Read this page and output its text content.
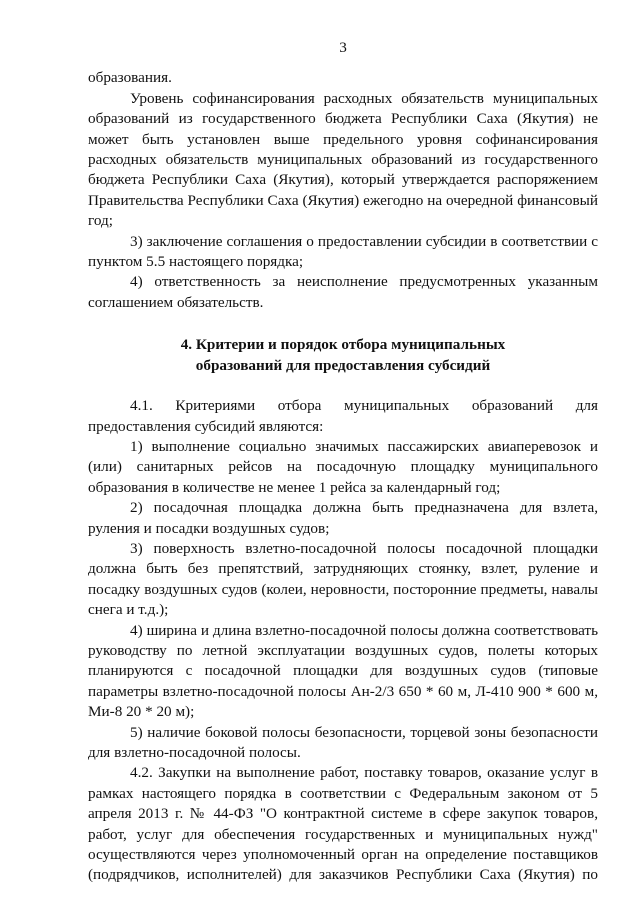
3

образования.

Уровень софинансирования расходных обязательств муниципальных образований из государственного бюджета Республики Саха (Якутия) не может быть установлен выше предельного уровня софинансирования расходных обязательств муниципальных образований из государственного бюджета Республики Саха (Якутия), который утверждается распоряжением Правительства Республики Саха (Якутия) ежегодно на очередной финансовый год;

3) заключение соглашения о предоставлении субсидии в соответствии с пунктом 5.5 настоящего порядка;

4) ответственность за неисполнение предусмотренных указанным соглашением обязательств.

4. Критерии и порядок отбора муниципальных
образований для предоставления субсидий

4.1. Критериями отбора муниципальных образований для предоставления субсидий являются:

1) выполнение социально значимых пассажирских авиаперевозок и (или) санитарных рейсов на посадочную площадку муниципального образования в количестве не менее 1 рейса за календарный год;

2) посадочная площадка должна быть предназначена для взлета, руления и посадки воздушных судов;

3) поверхность взлетно-посадочной полосы посадочной площадки должна быть без препятствий, затрудняющих стоянку, взлет, руление и посадку воздушных судов (колеи, неровности, посторонние предметы, навалы снега и т.д.);

4) ширина и длина взлетно-посадочной полосы должна соответствовать руководству по летной эксплуатации воздушных судов, полеты которых планируются с посадочной площадки для воздушных судов (типовые параметры взлетно-посадочной полосы Ан-2/3 650 * 60 м, Л-410 900 * 600 м, Ми-8 20 * 20 м);

5) наличие боковой полосы безопасности, торцевой зоны безопасности для взлетно-посадочной полосы.

4.2. Закупки на выполнение работ, поставку товаров, оказание услуг в рамках настоящего порядка в соответствии с Федеральным законом от 5 апреля 2013 г. № 44-ФЗ "О контрактной системе в сфере закупок товаров, работ, услуг для обеспечения государственных и муниципальных нужд" осуществляются через уполномоченный орган на определение поставщиков (подрядчиков, исполнителей) для заказчиков Республики Саха (Якутия) по
